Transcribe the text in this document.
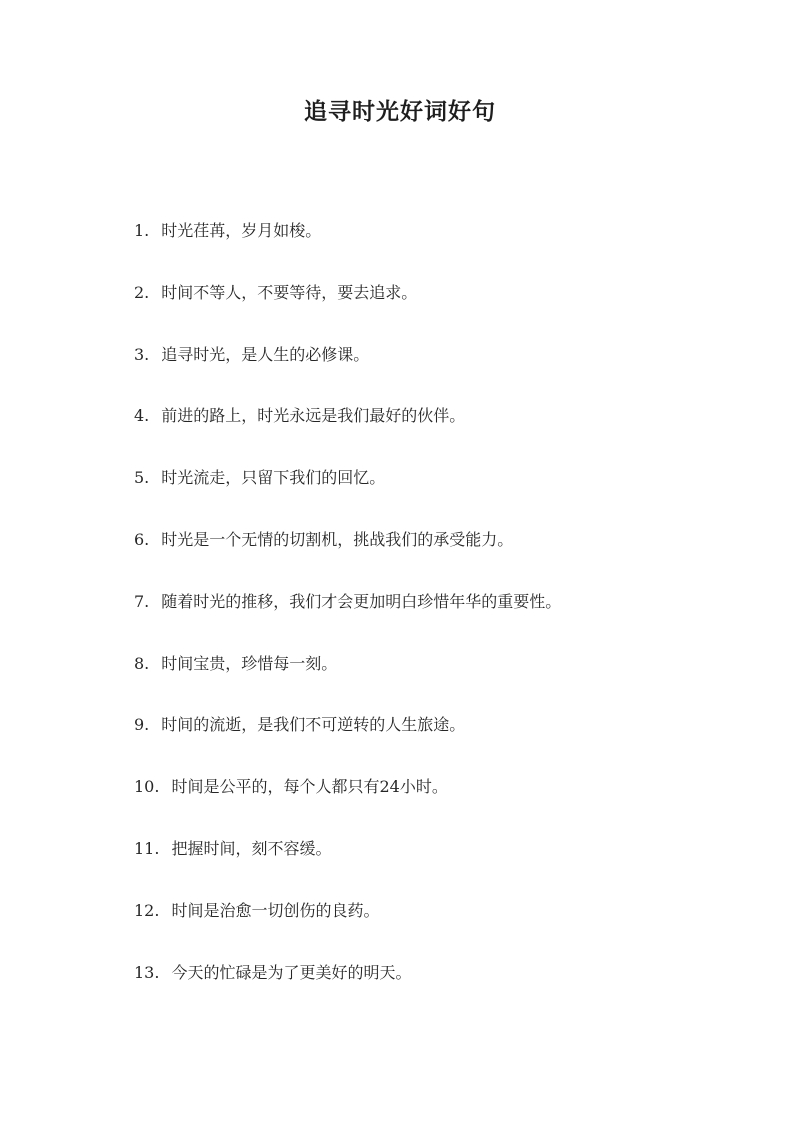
追寻时光好词好句
1. 时光荏苒，岁月如梭。
2. 时间不等人，不要等待，要去追求。
3. 追寻时光，是人生的必修课。
4. 前进的路上，时光永远是我们最好的伙伴。
5. 时光流走，只留下我们的回忆。
6. 时光是一个无情的切割机，挑战我们的承受能力。
7. 随着时光的推移，我们才会更加明白珍惜年华的重要性。
8. 时间宝贵，珍惜每一刻。
9. 时间的流逝，是我们不可逆转的人生旅途。
10. 时间是公平的，每个人都只有24小时。
11. 把握时间，刻不容缓。
12. 时间是治愈一切创伤的良药。
13. 今天的忙碌是为了更美好的明天。
